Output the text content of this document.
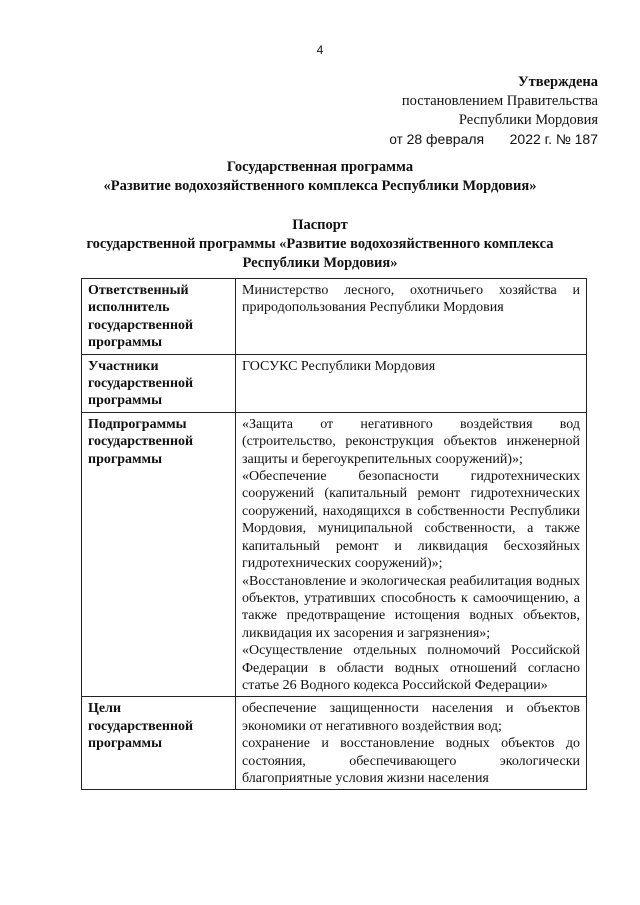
4
Утверждена
постановлением Правительства
Республики Мордовия
от 28 февраля 2022 г. № 187
Государственная программа
«Развитие водохозяйственного комплекса Республики Мордовия»
Паспорт
государственной программы «Развитие водохозяйственного комплекса
Республики Мордовия»
Ответственный исполнитель государственной программы	Министерство лесного, охотничьего хозяйства и природопользования Республики Мордовия

Участники государственной программы	ГОСУКС Республики Мордовия

Подпрограммы государственной программы	«Защита от негативного воздействия вод (строительство, реконструкция объектов инженерной защиты и берегоукрепительных сооружений)»;

«Обеспечение безопасности гидротехнических сооружений (капитальный ремонт гидротехнических сооружений, находящихся в собственности Республики Мордовия, муниципальной собственности, а также капитальный ремонт и ликвидация бесхозяйных гидротехнических сооружений)»;

«Восстановление и экологическая реабилитация водных объектов, утративших способность к самоочищению, а также предотвращение истощения водных объектов, ликвидация их засорения и загрязнения»;

«Осуществление отдельных полномочий Российской Федерации в области водных отношений согласно статье 26 Водного кодекса Российской Федерации»

Цели государственной программы	обеспечение защищенности населения и объектов экономики от негативного воздействия вод;

сохранение и восстановление водных объектов до состояния, обеспечивающего экологически благоприятные условия жизни населения
